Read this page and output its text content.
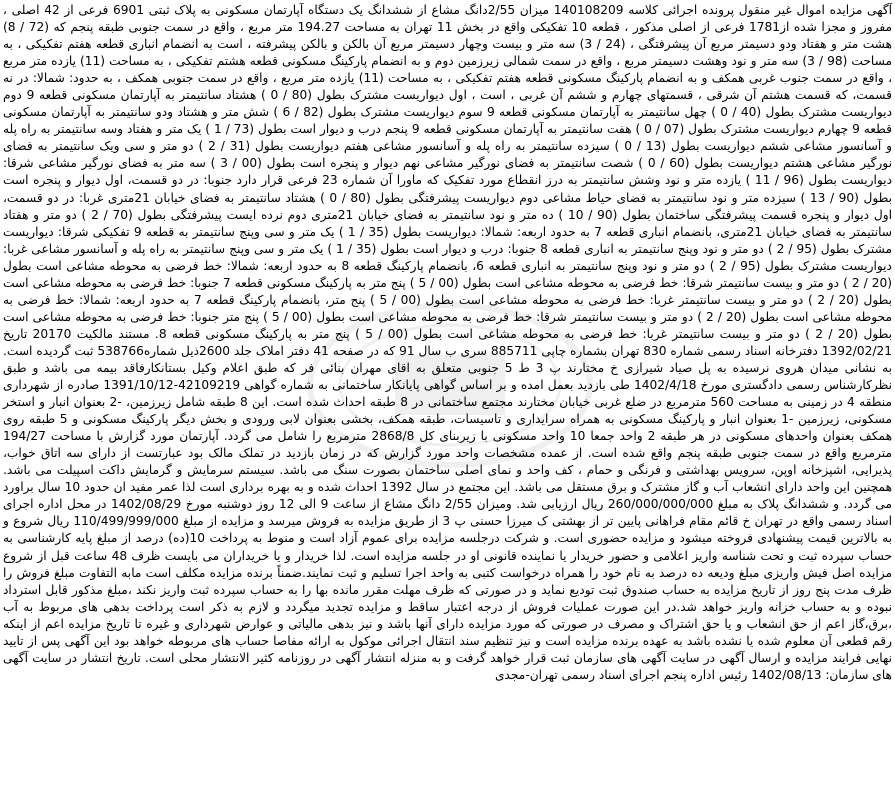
آگهی مزایده اموال غیر منقول پرونده اجرائی کلاسه 140108209 میزان 2/55دانگ مشاع از ششدانگ یک دستگاه آپارتمان مسکونی به پلاک ثبتی 6901 فرعی از 42 اصلی ، مفروز و مجزا شده از1781 فرعی از اصلی مذکور ، قطعه 10 تفکیکی واقع در بخش 11 تهران به مساحت 194.27 متر مربع ، واقع در سمت جنوبی طبقه پنجم که (72 / 8) هشت متر و هفتاد ودو دسیمتر مربع آن پیشرفتگی ، (24 / 3) سه متر و بیست وچهار دسیمتر مربع آن بالکن و بالکن پیشرفته ، است به انضمام انباری قطعه هفتم تفکیکی ، به مساحت (98 / 3) سه متر و نود وهشت دسیمتر مربع ، واقع در سمت شمالی زیرزمین دوم و به انضمام پارکینگ مسکونی قطعه هشتم تفکیکی ، به مساحت (11) یازده متر مربع ، واقع در سمت جنوب غربی همکف و به انضمام پارکینگ مسکونی قطعه هفتم تفکیکی ، به مساحت (11) یازده متر مربع ، واقع در سمت جنوبی همکف ، به حدود: شمالا: در نه قسمت، که قسمت هشتم آن شرقی ، قسمتهای چهارم و ششم آن غربی ، است ، اول دیواریست مشترک بطول (80 / 0 ) هشتاد سانتیمتر به آپارتمان مسکونی قطعه 9 دوم دیواریست مشترک بطول (40 / 0 ) چهل سانتیمتر به آپارتمان مسکونی قطعه 9 سوم دیواریست مشترک بطول (82 / 6 ) شش متر و هشتاد ودو سانتیمتر به آپارتمان مسکونی قطعه 9 چهارم دیواریست مشترک بطول (07 / 0 ) هفت سانتیمتر به آپارتمان مسکونی قطعه 9 پنجم درب و دیوار است بطول (73 / 1 ) یک متر و هفتاد وسه سانتیمتر به راه پله و آسانسور مشاعی ششم دیواریست بطول (13 / 0 ) سیزده سانتیمتر به راه پله و آسانسور مشاعی هفتم دیواریست بطول (31 / 2 ) دو متر و سی ویک سانتیمتر به فضای نورگیر مشاعی هشتم دیواریست بطول (60 / 0 ) شصت سانتیمتر به فضای نورگیر مشاعی نهم دیوار و پنجره است بطول (00 / 3 ) سه متر به فضای نورگیر مشاعی شرقا: دیواریست بطول (96 / 11 ) یازده متر و نود وشش سانتیمتر به درز انقطاع مورد تفکیک که ماورا آن شماره 23 فرعی قرار دارد جنوبا: در دو قسمت، اول دیوار و پنجره است بطول (90 / 13 ) سیزده متر و نود سانتیمتر به فضای حیاط مشاعی دوم دیواریست پیشرفتگی بطول (80 / 0 ) هشتاد سانتیمتر به فضای خیابان 21متری غربا: در دو قسمت، اول دیوار و پنجره قسمت پیشرفتگی ساختمان بطول (90 / 10 ) ده متر و نود سانتیمتر به فضای خیابان 21متری دوم نرده ایست پیشرفتگی بطول (70 / 2 ) دو متر و هفتاد سانتیمتر به فضای خیابان 21متری، بانضمام انباری قطعه 7 به حدود اربعه: شمالا: دیواریست بطول (35 / 1 ) یک متر و سی وپنج سانتیمتر به قطعه 9 تفکیکی شرقا: دیواریست مشترک بطول (95 / 2 ) دو متر و نود وپنج سانتیمتر به انباری قطعه 8 جنوبا: درب و دیوار است بطول (35 / 1 ) یک متر و سی وپنج سانتیمتر به راه پله و آسانسور مشاعی غربا: دیواریست مشترک بطول (95 / 2 ) دو متر و نود وپنج سانتیمتر به انباری قطعه 6، بانضمام پارکینگ قطعه 8 به حدود اربعه: شمالا: خط فرضی به محوطه مشاعی است بطول (20 / 2 ) دو متر و بیست سانتیمتر شرقا: خط فرضی به محوطه مشاعی است بطول (00 / 5 ) پنج متر به پارکینگ مسکونی قطعه 7 جنوبا: خط فرضی به محوطه مشاعی است بطول (20 / 2 ) دو متر و بیست سانتیمتر غربا: خط فرضی به محوطه مشاعی است بطول (00 / 5 ) پنج متر، بانضمام پارکینگ قطعه 7 به حدود اربعه: شمالا: خط فرضی به محوطه مشاعی است بطول (20 / 2 ) دو متر و بیست سانتیمتر شرقا: خط فرضی به محوطه مشاعی است بطول (00 / 5 ) پنج متر جنوبا: خط فرضی به محوطه مشاعی است بطول (20 / 2 ) دو متر و بیست سانتیمتر غربا: خط فرضی به محوطه مشاعی است بطول (00 / 5 ) پنج متر به پارکینگ مسکونی قطعه 8. مستند مالکیت 20170 تاریخ 1392/02/21 دفترخانه اسناد رسمی شماره 830 تهران بشماره چاپی 885711 سری ب سال 91 که در صفحه 41 دفتر املاک جلد 2600ذیل شماره538766 ثبت گردیده است. به نشانی میدان هروی نرسیده به پل صیاد شیرازی خ مختارند پ 3 ط 5 جنوبی متعلق به اقای مهران بنائی فر که طبق اعلام وکیل بستانکارفاقد بیمه می باشد و طبق نظرکارشناس رسمی دادگستری مورخ 1402/4/18 طی بازدید بعمل امده و بر اساس گواهی پایانکار ساختمانی به شماره گواهی 42109219-1391/10/12 صادره از شهرداری منطقه 4 در زمینی به مساحت 560 مترمربع در ضلع غربی خیابان مختارند مجتمع ساختمانی در 8 طبقه احداث شده است. این 8 طبقه شامل زیرزمین، -2 بعنوان انبار و استخر مسکونی، زیرزمین -1 بعنوان انبار و پارکینگ مسکونی به همراه سرایداری و تاسیسات، طبقه همکف، بخشی بعنوان لابی ورودی و بخش دیگر پارکینگ مسکونی و 5 طبقه روی همکف بعنوان واحدهای مسکونی در هر طبقه 2 واحد جمعا 10 واحد مسکونی با زیربنای کل 2868/8 مترمربع را شامل می گردد. آپارتمان مورد گزارش با مساحت 194/27 مترمربع واقع در سمت جنوبی طبقه پنجم واقع شده است. از عمده مشخصات واحد مورد گزارش که در زمان بازدید در تملک مالک بود عبارتست از دارای سه اتاق خواب، پذیرایی، اشپزخانه اوپن، سرویس بهداشتی و فرنگی و حمام ، کف واحد و نمای اصلی ساختمان بصورت سنگ می باشد. سیستم سرمایش و گرمایش داکت اسپیلت می باشد. همچنین این واحد دارای انشعاب آب و گاز مشترک و برق مستقل می باشد. این مجتمع در سال 1392 احداث شده و به بهره برداری است لذا عمر مفید ان حدود 10 سال براورد می گردد. و ششدانگ پلاک به مبلغ 260/000/000/000 ریال ارزیابی شد. ومیزان 2/55 دانگ مشاع از ساعت 9 الی 12 روز دوشنبه مورخ 1402/08/29 در محل اداره اجرای اسناد رسمی واقع در تهران خ قائم مقام فراهانی پایین تر از بهشتی ک میرزا حسنی پ 3 از طریق مزایده به فروش میرسد و مزایده از مبلغ 110/499/999/000 ریال شروع و به بالاترین قیمت پیشنهادی فروخته میشود و مزایده حضوری است. و شرکت درجلسه مزایده برای عموم آزاد است و منوط به پرداخت 10(ده) درصد از مبلغ پایه کارشناسی به حساب سپرده ثبت و تحت شناسه واریز اعلامی و حضور خریدار یا نماینده قانونی او در جلسه مزایده است. لذا خریدار و یا خریداران می بایست ظرف 48 ساعت قبل از شروع مزایده اصل فیش واریزی مبلغ ودیعه ده درصد به نام خود را همراه درخواست کتبی به واحد اجرا تسلیم و ثبت نمایند.ضمناً برنده مزایده مکلف است مابه التفاوت مبلغ فروش را ظرف مدت پنج روز از تاریخ مزایده به حساب صندوق ثبت تودیع نماید و در صورتی که ظرف مهلت مقرر مانده بها را به حساب سپرده ثبت واریز نکند ،مبلغ مذکور قابل استرداد نبوده و به حساب خزانه واریز خواهد شد.در این صورت عملیات فروش از درجه اعتبار ساقط و مزایده تجدید میگردد و لازم به ذکر است پرداخت بدهی های مربوط به آب ،برق،گاز اعم از حق انشعاب و یا حق اشتراک و مصرف در صورتی که مورد مزایده دارای آنها باشد و نیز بدهی مالیاتی و عوارض شهرداری و غیره تا تاریخ مزایده اعم از اینکه رقم قطعی آن معلوم شده یا نشده باشد به عهده برنده مزایده است و نیز تنظیم سند انتقال اجرائی موکول به ارائه مفاصا حساب های مربوطه خواهد بود این آگهی پس از تایید نهایی فرایند مزایده و ارسال آگهی در سایت آگهی های سازمان ثبت قرار خواهد گرفت و به منزله انتشار آگهی در روزنامه کثیر الانتشار محلی است. تاریخ انتشار در سایت آگهی های سازمان: 1402/08/13 رئیس اداره پنجم اجرای اسناد رسمی تهران-مجدی
